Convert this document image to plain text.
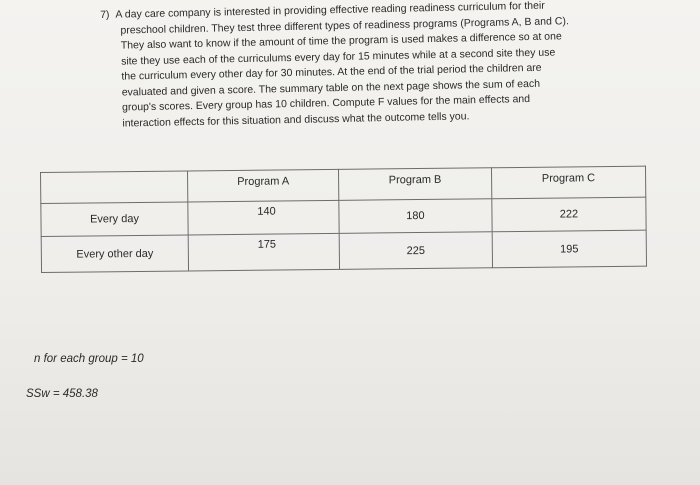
7) A day care company is interested in providing effective reading readiness curriculum for their
preschool children. They test three different types of readiness programs (Programs A, B and C).
They also want to know if the amount of time the program is used makes a difference so at one
site they use each of the curriculums every day for 15 minutes while at a second site they use
the curriculum every other day for 30 minutes. At the end of the trial period the children are
evaluated and given a score. The summary table on the next page shows the sum of each
group's scores. Every group has 10 children. Compute F values for the main effects and
interaction effects for this situation and discuss what the outcome tells you.
	Program A	Program B	Program C
Every day	140	180	222
Every other day	175	225	195
n for each group = 10
SSw = 458.38
